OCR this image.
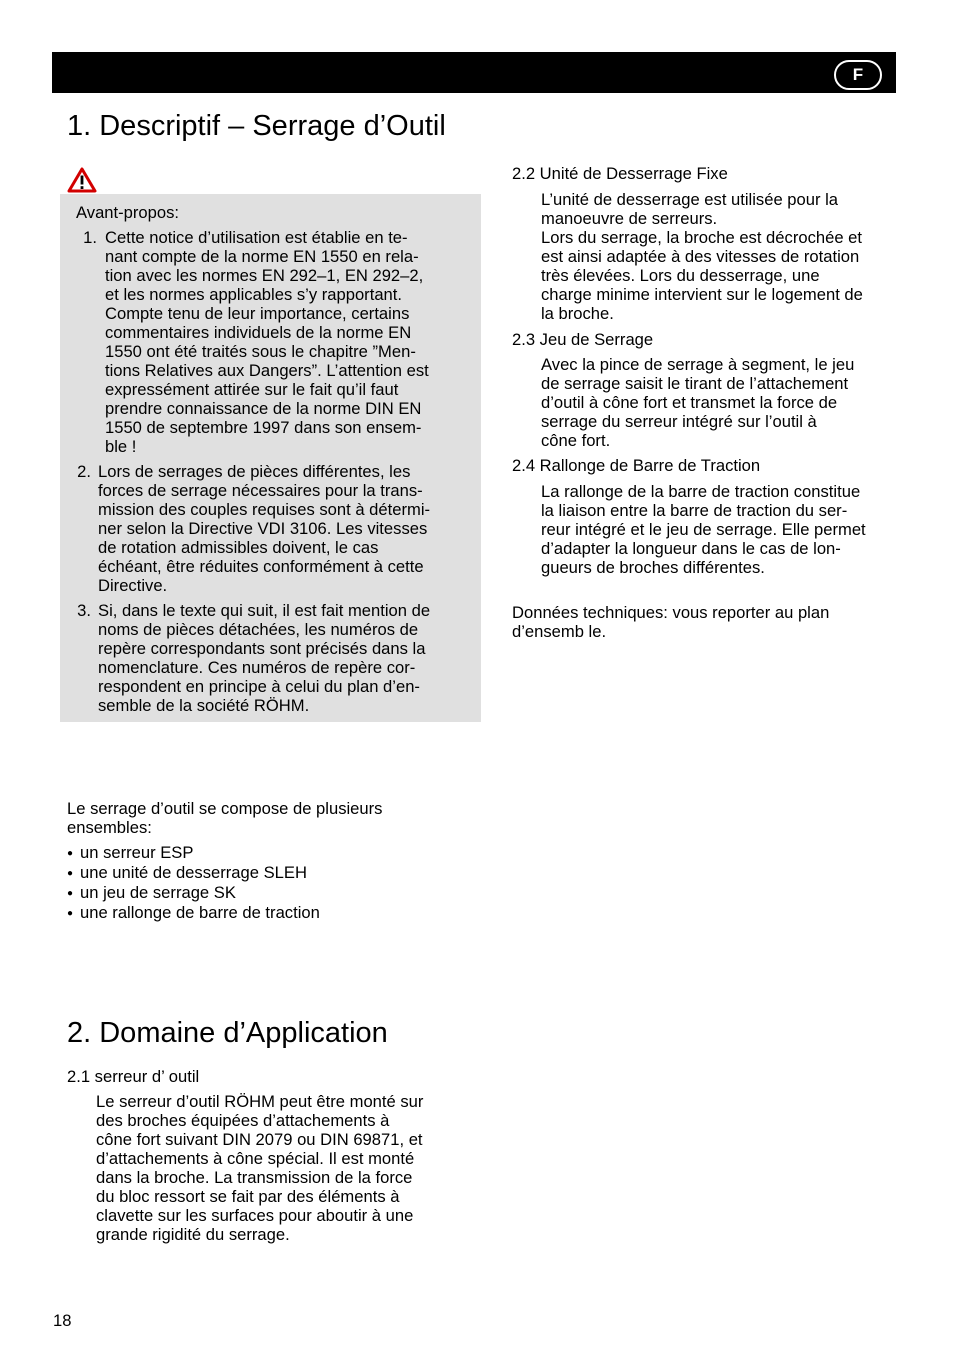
F
1. Descriptif – Serrage d’Outil
Avant-propos:
1. Cette notice d’utilisation est établie en te-
nant compte de la norme EN 1550 en rela-
tion avec les normes EN 292–1, EN 292–2,
et les normes applicables s’y rapportant.
Compte tenu de leur importance, certains
commentaires individuels de la norme EN
1550 ont été traités sous le chapitre ”Men-
tions Relatives aux Dangers”. L’attention est
expressément attirée sur le fait qu’il faut
prendre connaissance de la norme DIN EN
1550 de septembre 1997 dans son ensem-
ble !
2. Lors de serrages de pièces différentes, les
forces de serrage nécessaires pour la trans-
mission des couples requises sont à détermi-
ner selon la Directive VDI 3106. Les vitesses
de rotation admissibles doivent, le cas
échéant, être réduites conformément à cette
Directive.
3. Si, dans le texte qui suit, il est fait mention de
noms de pièces détachées, les numéros de
repère correspondants sont précisés dans la
nomenclature. Ces numéros de repère cor-
respondent en principe à celui du plan d’en-
semble de la société RÖHM.
Le serrage d’outil se compose de plusieurs
ensembles:
● un serreur ESP
● une unité de desserrage SLEH
● un jeu de serrage SK
● une rallonge de barre de traction
2. Domaine d’Application
2.1 serreur d’ outil
Le serreur d’outil RÖHM peut être monté sur
des broches équipées d’attachements à
cône fort suivant DIN 2079 ou DIN 69871, et
d’attachements à cône spécial. Il est monté
dans la broche. La transmission de la force
du bloc ressort se fait par des éléments à
clavette sur les surfaces pour aboutir à une
grande rigidité du serrage.
2.2 Unité de Desserrage Fixe
L’unité de desserrage est utilisée pour la
manoeuvre de serreurs.
Lors du serrage, la broche est décrochée et
est ainsi adaptée à des vitesses de rotation
très élevées. Lors du desserrage, une
charge minime intervient sur le logement de
la broche.
2.3 Jeu de Serrage
Avec la pince de serrage à segment, le jeu
de serrage saisit le tirant de l’attachement
d’outil à cône fort et transmet la force de
serrage du serreur intégré sur l’outil à
cône fort.
2.4 Rallonge de Barre de Traction
La rallonge de la barre de traction constitue
la liaison entre la barre de traction du ser-
reur intégré et le jeu de serrage. Elle permet
d’adapter la longueur dans le cas de lon-
gueurs de broches différentes.
Données techniques: vous reporter au plan
d’ensemb le.
18
